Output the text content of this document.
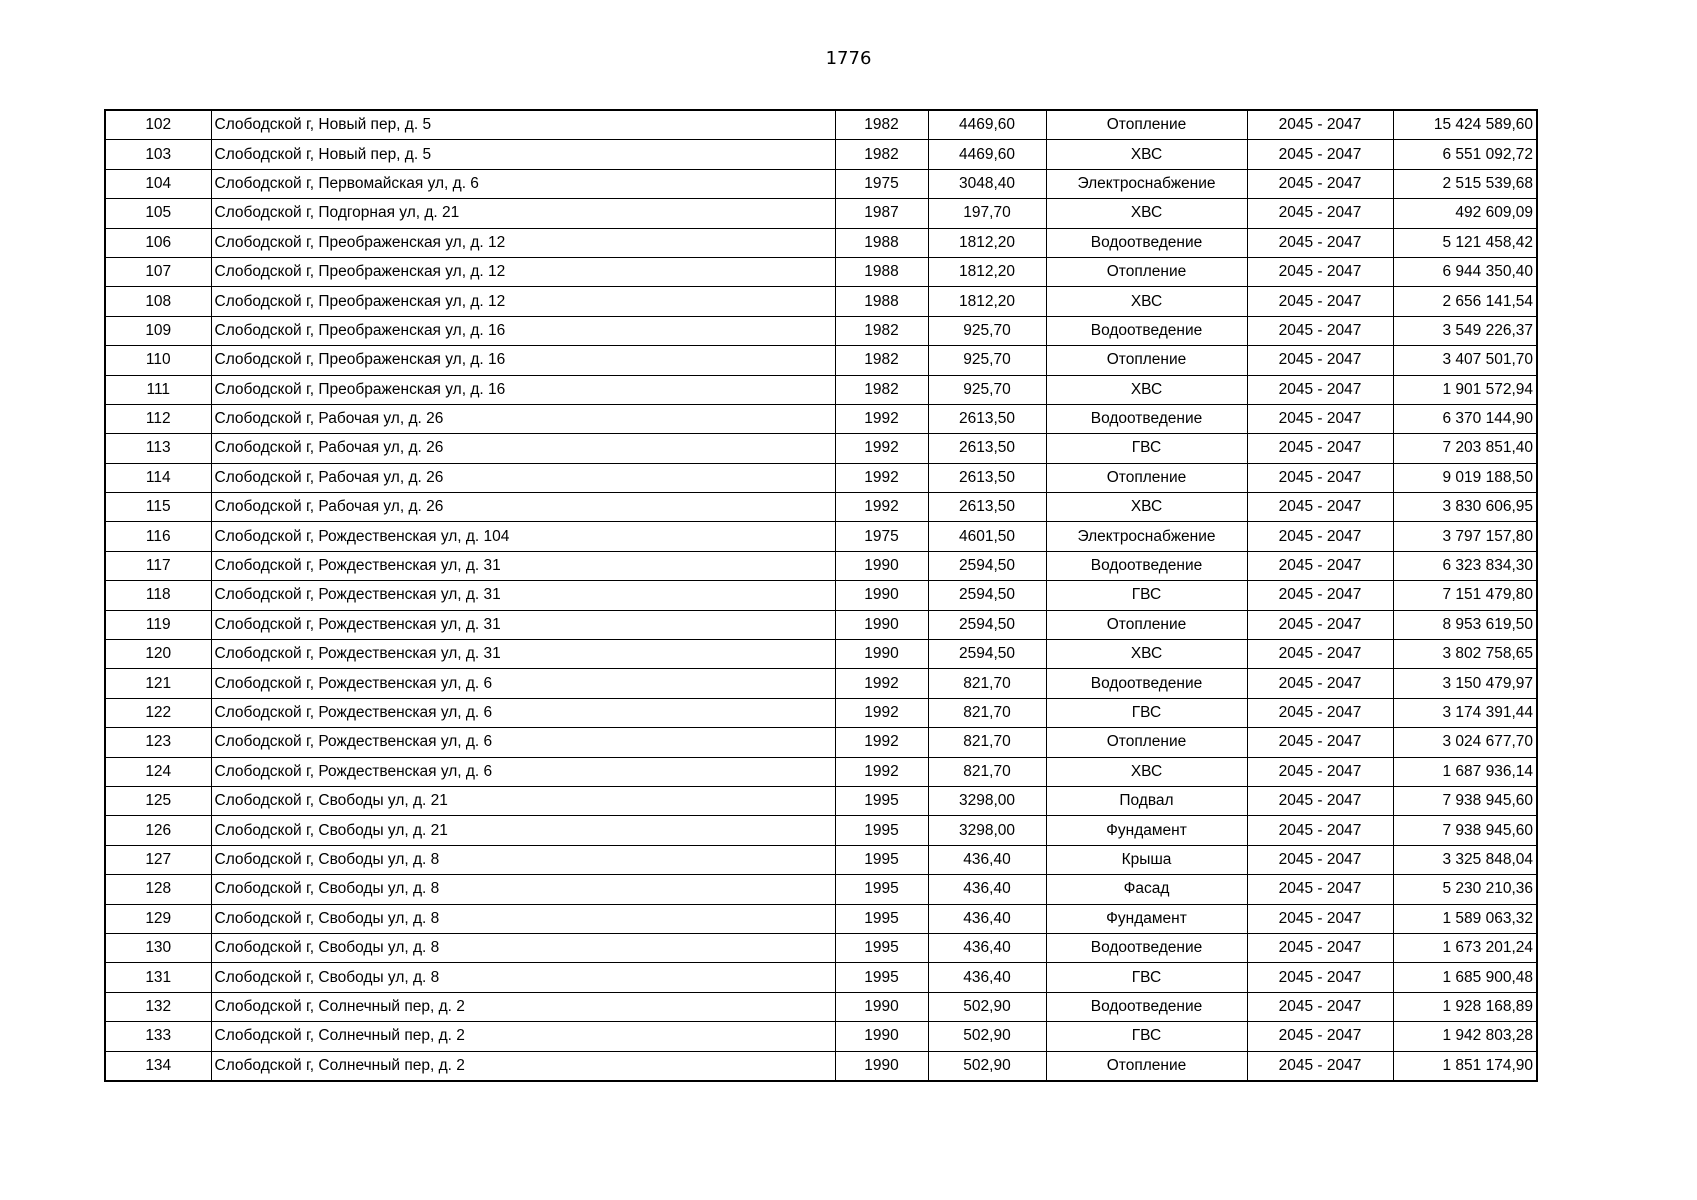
1776
102	Слободской г, Новый пер, д. 5	1982	4469,60	Отопление	2045 - 2047	15 424 589,60
103	Слободской г, Новый пер, д. 5	1982	4469,60	ХВС	2045 - 2047	6 551 092,72
104	Слободской г, Первомайская ул, д. 6	1975	3048,40	Электроснабжение	2045 - 2047	2 515 539,68
105	Слободской г, Подгорная ул, д. 21	1987	197,70	ХВС	2045 - 2047	492 609,09
106	Слободской г, Преображенская ул, д. 12	1988	1812,20	Водоотведение	2045 - 2047	5 121 458,42
107	Слободской г, Преображенская ул, д. 12	1988	1812,20	Отопление	2045 - 2047	6 944 350,40
108	Слободской г, Преображенская ул, д. 12	1988	1812,20	ХВС	2045 - 2047	2 656 141,54
109	Слободской г, Преображенская ул, д. 16	1982	925,70	Водоотведение	2045 - 2047	3 549 226,37
110	Слободской г, Преображенская ул, д. 16	1982	925,70	Отопление	2045 - 2047	3 407 501,70
111	Слободской г, Преображенская ул, д. 16	1982	925,70	ХВС	2045 - 2047	1 901 572,94
112	Слободской г, Рабочая ул, д. 26	1992	2613,50	Водоотведение	2045 - 2047	6 370 144,90
113	Слободской г, Рабочая ул, д. 26	1992	2613,50	ГВС	2045 - 2047	7 203 851,40
114	Слободской г, Рабочая ул, д. 26	1992	2613,50	Отопление	2045 - 2047	9 019 188,50
115	Слободской г, Рабочая ул, д. 26	1992	2613,50	ХВС	2045 - 2047	3 830 606,95
116	Слободской г, Рождественская ул, д. 104	1975	4601,50	Электроснабжение	2045 - 2047	3 797 157,80
117	Слободской г, Рождественская ул, д. 31	1990	2594,50	Водоотведение	2045 - 2047	6 323 834,30
118	Слободской г, Рождественская ул, д. 31	1990	2594,50	ГВС	2045 - 2047	7 151 479,80
119	Слободской г, Рождественская ул, д. 31	1990	2594,50	Отопление	2045 - 2047	8 953 619,50
120	Слободской г, Рождественская ул, д. 31	1990	2594,50	ХВС	2045 - 2047	3 802 758,65
121	Слободской г, Рождественская ул, д. 6	1992	821,70	Водоотведение	2045 - 2047	3 150 479,97
122	Слободской г, Рождественская ул, д. 6	1992	821,70	ГВС	2045 - 2047	3 174 391,44
123	Слободской г, Рождественская ул, д. 6	1992	821,70	Отопление	2045 - 2047	3 024 677,70
124	Слободской г, Рождественская ул, д. 6	1992	821,70	ХВС	2045 - 2047	1 687 936,14
125	Слободской г, Свободы ул, д. 21	1995	3298,00	Подвал	2045 - 2047	7 938 945,60
126	Слободской г, Свободы ул, д. 21	1995	3298,00	Фундамент	2045 - 2047	7 938 945,60
127	Слободской г, Свободы ул, д. 8	1995	436,40	Крыша	2045 - 2047	3 325 848,04
128	Слободской г, Свободы ул, д. 8	1995	436,40	Фасад	2045 - 2047	5 230 210,36
129	Слободской г, Свободы ул, д. 8	1995	436,40	Фундамент	2045 - 2047	1 589 063,32
130	Слободской г, Свободы ул, д. 8	1995	436,40	Водоотведение	2045 - 2047	1 673 201,24
131	Слободской г, Свободы ул, д. 8	1995	436,40	ГВС	2045 - 2047	1 685 900,48
132	Слободской г, Солнечный пер, д. 2	1990	502,90	Водоотведение	2045 - 2047	1 928 168,89
133	Слободской г, Солнечный пер, д. 2	1990	502,90	ГВС	2045 - 2047	1 942 803,28
134	Слободской г, Солнечный пер, д. 2	1990	502,90	Отопление	2045 - 2047	1 851 174,90
